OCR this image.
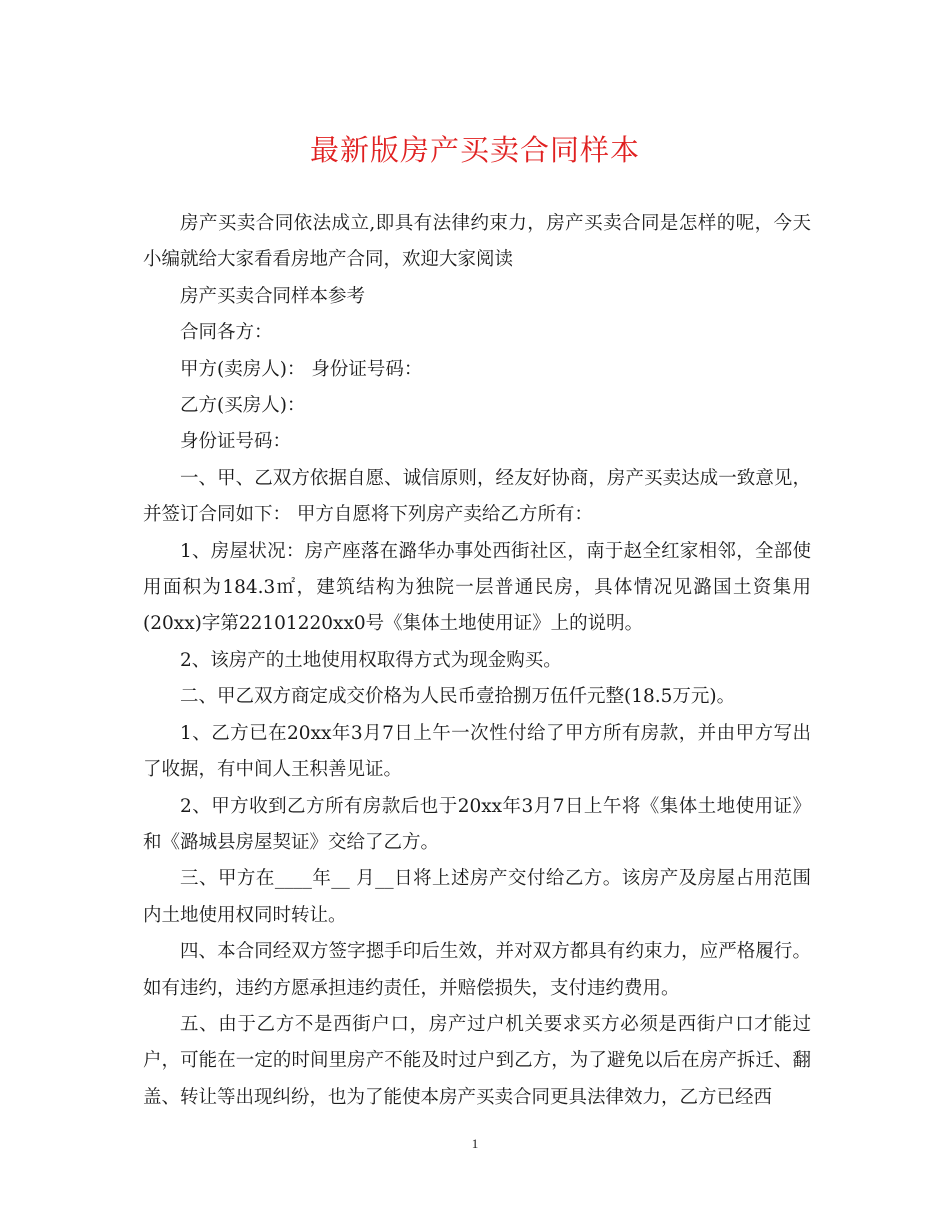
最新版房产买卖合同样本

房产买卖合同依法成立,即具有法律约束力，房产买卖合同是怎样的呢，今天小编就给大家看看房地产合同，欢迎大家阅读

房产买卖合同样本参考

合同各方：

甲方(卖房人)： 身份证号码：

乙方(买房人)：

身份证号码：

一、甲、乙双方依据自愿、诚信原则，经友好协商，房产买卖达成一致意见，并签订合同如下： 甲方自愿将下列房产卖给乙方所有：

1、房屋状况：房产座落在潞华办事处西街社区，南于赵全红家相邻，全部使用面积为184.3㎡，建筑结构为独院一层普通民房，具体情况见潞国土资集用(20xx)字第22101220xx0号《集体土地使用证》上的说明。

2、该房产的土地使用权取得方式为现金购买。

二、甲乙双方商定成交价格为人民币壹拾捌万伍仟元整(18.5万元)。

1、乙方已在20xx年3月7日上午一次性付给了甲方所有房款，并由甲方写出了收据，有中间人王积善见证。

2、甲方收到乙方所有房款后也于20xx年3月7日上午将《集体土地使用证》和《潞城县房屋契证》交给了乙方。

三、甲方在____年__ 月__日将上述房产交付给乙方。该房产及房屋占用范围内土地使用权同时转让。

四、本合同经双方签字摁手印后生效，并对双方都具有约束力，应严格履行。如有违约，违约方愿承担违约责任，并赔偿损失，支付违约费用。

五、由于乙方不是西街户口，房产过户机关要求买方必须是西街户口才能过户，可能在一定的时间里房产不能及时过户到乙方，为了避免以后在房产拆迁、翻盖、转让等出现纠纷，也为了能使本房产买卖合同更具法律效力，乙方已经西

1
